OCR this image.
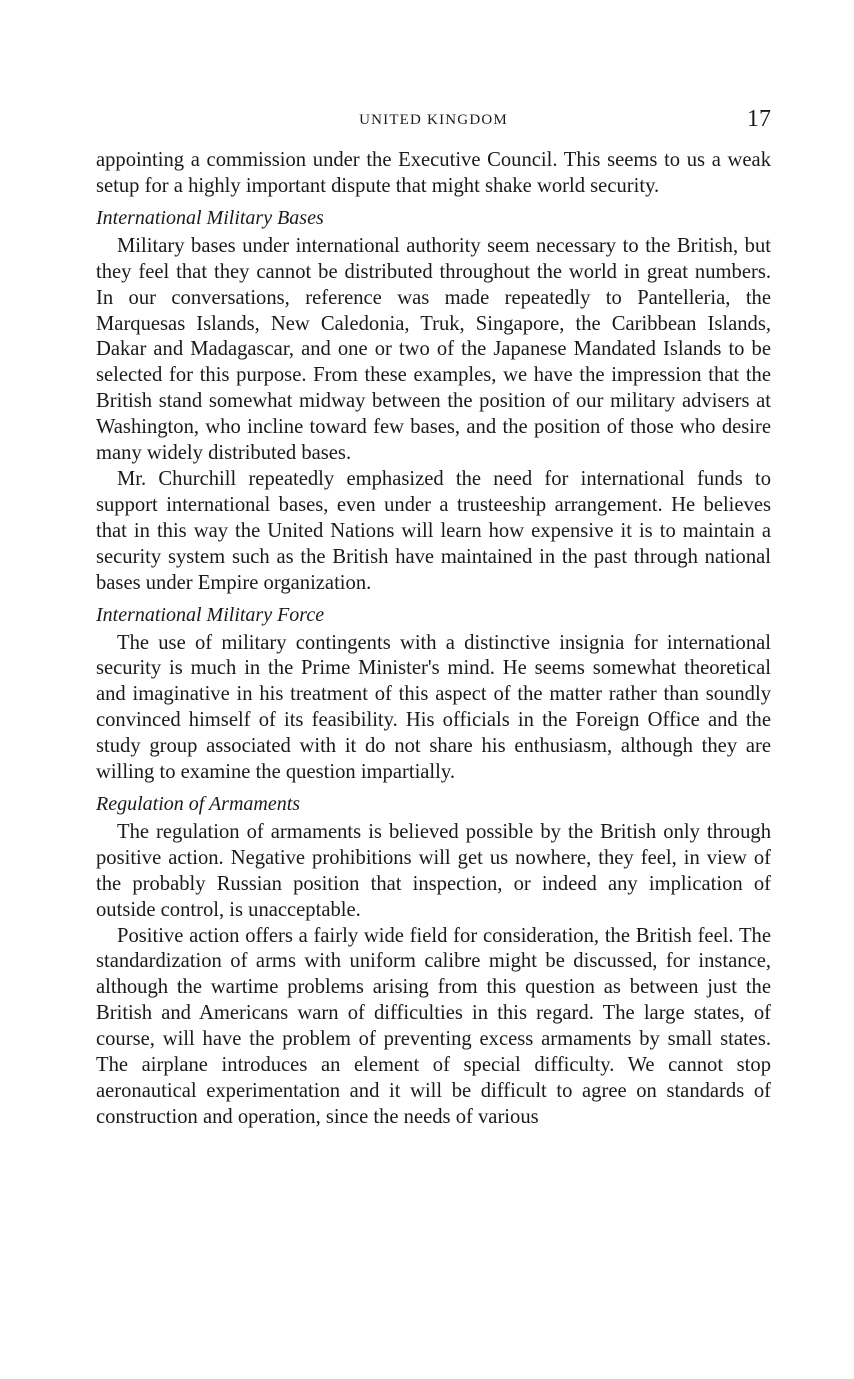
UNITED KINGDOM	17

appointing a commission under the Executive Council. This seems to us a weak setup for a highly important dispute that might shake world security.

International Military Bases

Military bases under international authority seem necessary to the British, but they feel that they cannot be distributed throughout the world in great numbers. In our conversations, reference was made repeatedly to Pantelleria, the Marquesas Islands, New Caledonia, Truk, Singapore, the Caribbean Islands, Dakar and Madagascar, and one or two of the Japanese Mandated Islands to be selected for this purpose. From these examples, we have the impression that the British stand somewhat midway between the position of our military advisers at Washington, who incline toward few bases, and the position of those who desire many widely distributed bases.

Mr. Churchill repeatedly emphasized the need for international funds to support international bases, even under a trusteeship arrangement. He believes that in this way the United Nations will learn how expensive it is to maintain a security system such as the British have maintained in the past through national bases under Empire organization.

International Military Force

The use of military contingents with a distinctive insignia for international security is much in the Prime Minister's mind. He seems somewhat theoretical and imaginative in his treatment of this aspect of the matter rather than soundly convinced himself of its feasibility. His officials in the Foreign Office and the study group associated with it do not share his enthusiasm, although they are willing to examine the question impartially.

Regulation of Armaments

The regulation of armaments is believed possible by the British only through positive action. Negative prohibitions will get us nowhere, they feel, in view of the probably Russian position that inspection, or indeed any implication of outside control, is unacceptable.

Positive action offers a fairly wide field for consideration, the British feel. The standardization of arms with uniform calibre might be discussed, for instance, although the wartime problems arising from this question as between just the British and Americans warn of difficulties in this regard. The large states, of course, will have the problem of preventing excess armaments by small states. The airplane introduces an element of special difficulty. We cannot stop aeronautical experimentation and it will be difficult to agree on standards of construction and operation, since the needs of various
